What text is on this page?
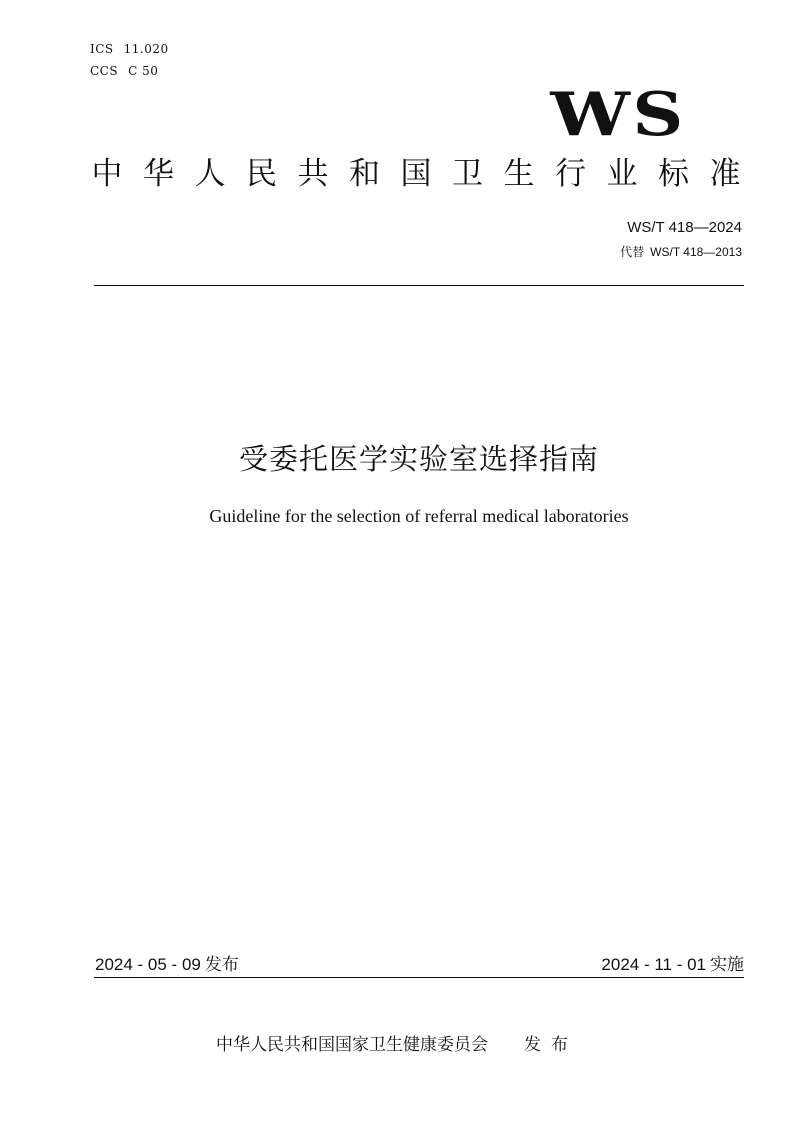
ICS 11.020
CCS C 50
WS
中 华 人 民 共 和 国 卫 生 行 业 标 准
WS/T 418—2024
代替 WS/T 418—2013
受委托医学实验室选择指南
Guideline for the selection of referral medical laboratories
2024 - 05 - 09 发布	2024 - 11 - 01 实施
中华人民共和国国家卫生健康委员会 发布
